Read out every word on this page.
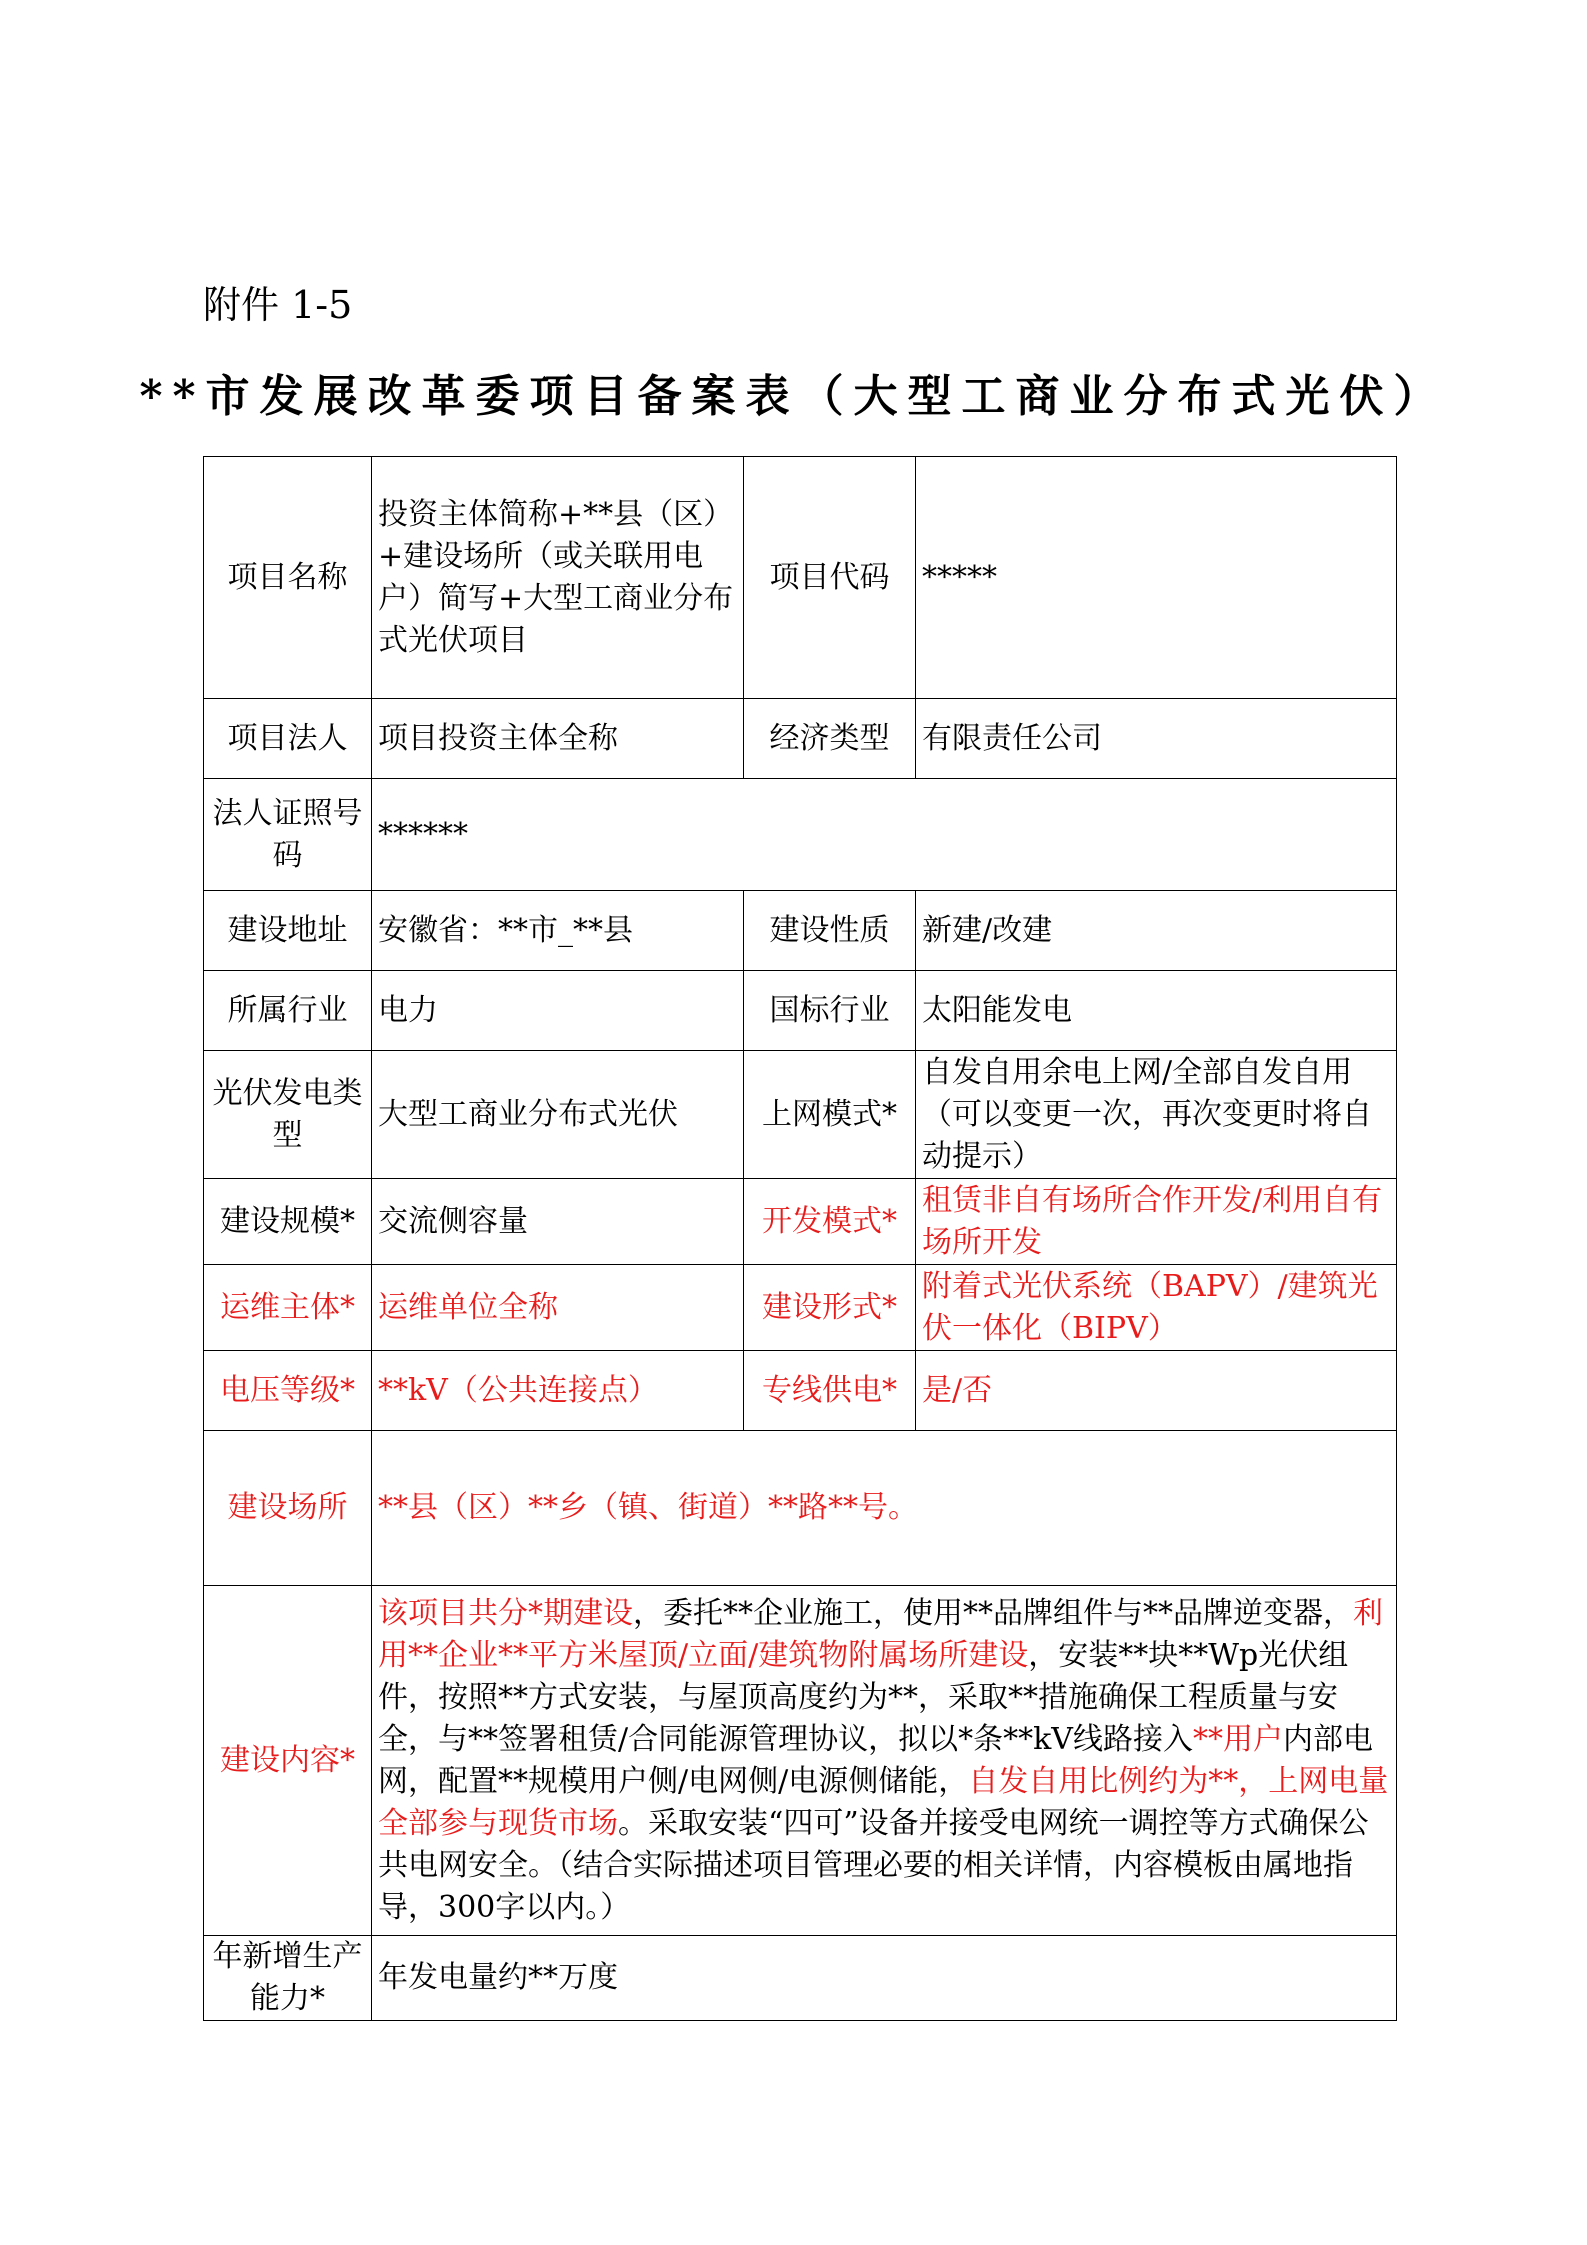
附件 1-5
**市发展改革委项目备案表（大型工商业分布式光伏）
项目名称	投资主体简称+**县（区）+建设场所（或关联用电户）简写+大型工商业分布式光伏项目	项目代码	*****
项目法人	项目投资主体全称	经济类型	有限责任公司
法人证照号码	******		
建设地址	安徽省：**市_**县	建设性质	新建/改建
所属行业	电力	国标行业	太阳能发电
光伏发电类型	大型工商业分布式光伏	上网模式*	自发自用余电上网/全部自发自用（可以变更一次，再次变更时将自动提示）
建设规模*	交流侧容量	开发模式*	租赁非自有场所合作开发/利用自有场所开发
运维主体*	运维单位全称	建设形式*	附着式光伏系统（BAPV）/建筑光伏一体化（BIPV）
电压等级*	**kV（公共连接点）	专线供电*	是/否
建设场所	**县（区）**乡（镇、街道）**路**号。		
建设内容*	该项目共分*期建设，委托**企业施工，使用**品牌组件与**品牌逆变器，利用**企业**平方米屋顶/立面/建筑物附属场所建设，安装**块**Wp光伏组件，按照**方式安装，与屋顶高度约为**，采取**措施确保工程质量与安全，与**签署租赁/合同能源管理协议，拟以*条**kV线路接入**用户内部电网，配置**规模用户侧/电网侧/电源侧储能，自发自用比例约为**，上网电量全部参与现货市场。采取安装“四可”设备并接受电网统一调控等方式确保公共电网安全。（结合实际描述项目管理必要的相关详情，内容模板由属地指导，300字以内。）		
年新增生产能力*	年发电量约**万度		
